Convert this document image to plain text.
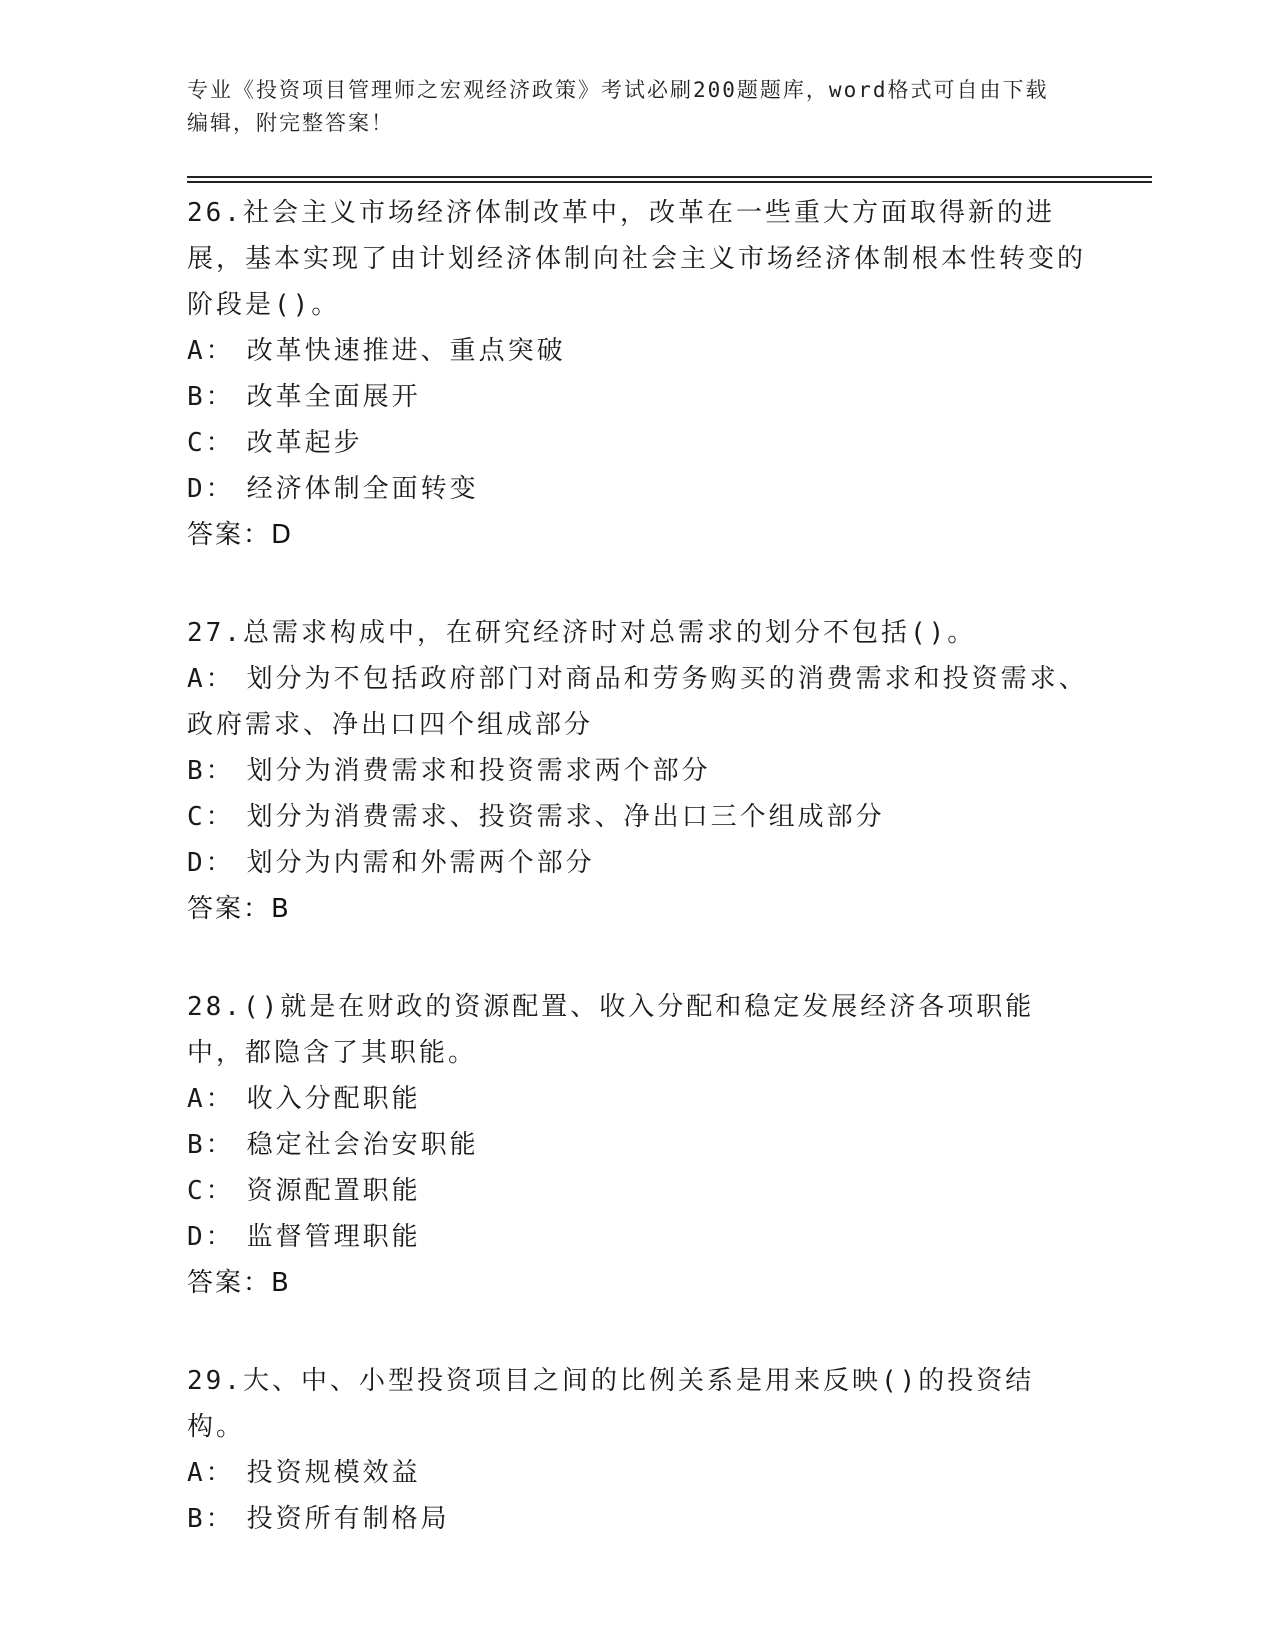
专业《投资项目管理师之宏观经济政策》考试必刷200题题库，word格式可自由下载编辑，附完整答案！

26.社会主义市场经济体制改革中，改革在一些重大方面取得新的进展，基本实现了由计划经济体制向社会主义市场经济体制根本性转变的阶段是()。

A： 改革快速推进、重点突破

B： 改革全面展开

C： 改革起步

D： 经济体制全面转变

答案：D

27.总需求构成中，在研究经济时对总需求的划分不包括()。

A： 划分为不包括政府部门对商品和劳务购买的消费需求和投资需求、

政府需求、净出口四个组成部分

B： 划分为消费需求和投资需求两个部分

C： 划分为消费需求、投资需求、净出口三个组成部分

D： 划分为内需和外需两个部分

答案：B

28.()就是在财政的资源配置、收入分配和稳定发展经济各项职能中，都隐含了其职能。

A： 收入分配职能

B： 稳定社会治安职能

C： 资源配置职能

D： 监督管理职能

答案：B

29.大、中、小型投资项目之间的比例关系是用来反映()的投资结构。

A： 投资规模效益

B： 投资所有制格局
